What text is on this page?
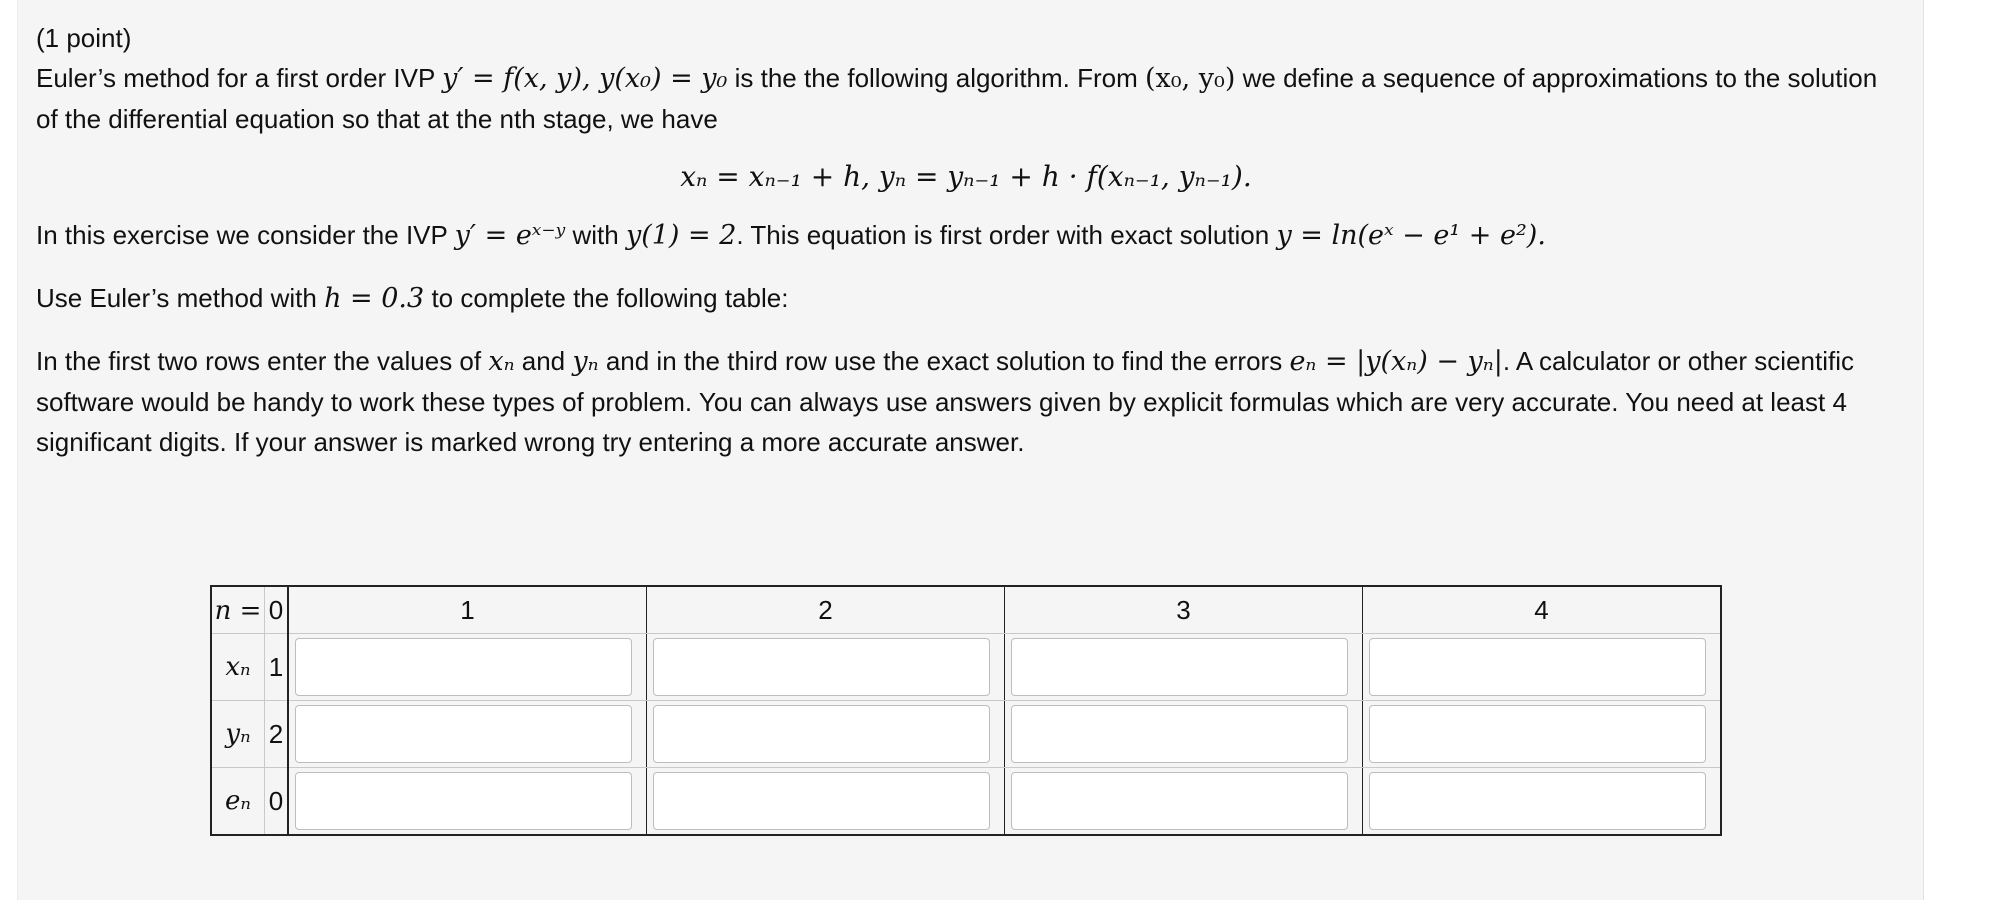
(1 point)

Euler’s method for a first order IVP y′ = f(x, y), y(x₀) = y₀ is the the following algorithm. From (x₀, y₀) we define a sequence of approximations to the solution of the differential equation so that at the nth stage, we have

xₙ = xₙ₋₁ + h, yₙ = yₙ₋₁ + h · f(xₙ₋₁, yₙ₋₁).

In this exercise we consider the IVP y′ = eˣ⁻ʸ with y(1) = 2. This equation is first order with exact solution y = ln(eˣ − e¹ + e²).

Use Euler’s method with h = 0.3 to complete the following table:

In the first two rows enter the values of xₙ and yₙ and in the third row use the exact solution to find the errors eₙ = |y(xₙ) − yₙ|. A calculator or other scientific software would be handy to work these types of problem. You can always use answers given by explicit formulas which are very accurate. You need at least 4 significant digits. If your answer is marked wrong try entering a more accurate answer.

n =	0	1	2	3	4
xₙ	1	

yₙ	2	

eₙ	0	
